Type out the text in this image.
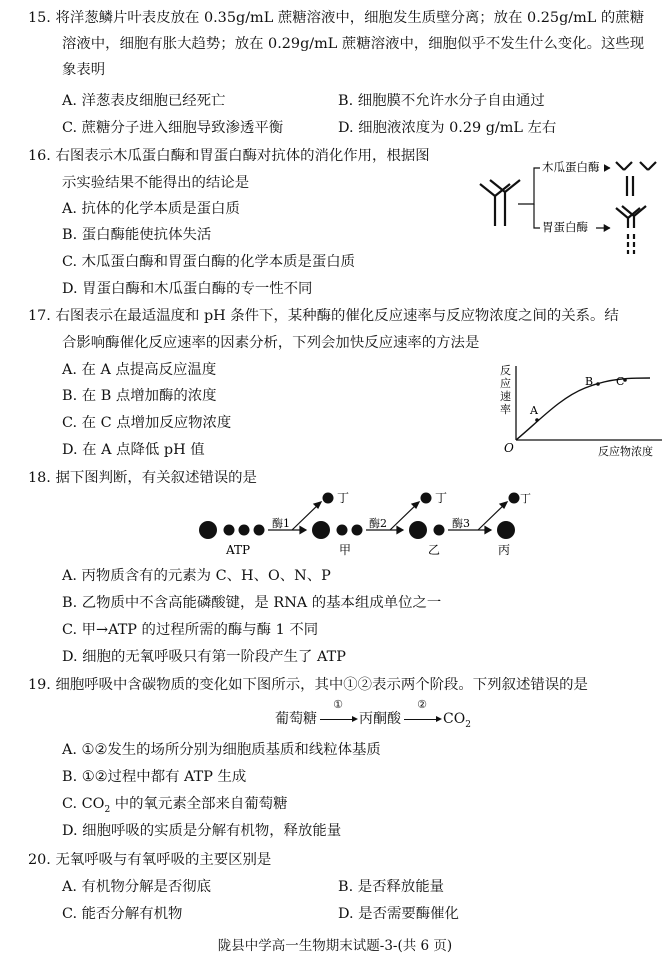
15. 将洋葱鳞片叶表皮放在 0.35g/mL 蔗糖溶液中，细胞发生质壁分离；放在 0.25g/mL 的蔗糖
溶液中，细胞有胀大趋势；放在 0.29g/mL 蔗糖溶液中，细胞似乎不发生什么变化。这些现
象表明
A. 洋葱表皮细胞已经死亡	B. 细胞膜不允许水分子自由通过
C. 蔗糖分子进入细胞导致渗透平衡	D. 细胞液浓度为 0.29 g/mL 左右
16. 右图表示木瓜蛋白酶和胃蛋白酶对抗体的消化作用，根据图
示实验结果不能得出的结论是
A. 抗体的化学本质是蛋白质
B. 蛋白酶能使抗体失活
C. 木瓜蛋白酶和胃蛋白酶的化学本质是蛋白质
D. 胃蛋白酶和木瓜蛋白酶的专一性不同
木瓜蛋白酶
胃蛋白酶
17. 右图表示在最适温度和 pH 条件下，某种酶的催化反应速率与反应物浓度之间的关系。结
合影响酶催化反应速率的因素分析，下列会加快反应速率的方法是
A. 在 A 点提高反应温度
B. 在 B 点增加酶的浓度
C. 在 C 点增加反应物浓度
D. 在 A 点降低 pH 值
反
应
速
率
O	反应物浓度
A
B C
18. 据下图判断，有关叙述错误的是
酶1	酶2	酶3
丁	丁	丁
ATP	甲	乙	丙
A. 丙物质含有的元素为 C、H、O、N、P
B. 乙物质中不含高能磷酸键，是 RNA 的基本组成单位之一
C. 甲→ATP 的过程所需的酶与酶 1 不同
D. 细胞的无氧呼吸只有第一阶段产生了 ATP
19. 细胞呼吸中含碳物质的变化如下图所示，其中①②表示两个阶段。下列叙述错误的是
葡萄糖
①
丙酮酸
②
$CO_2$
A. ①②发生的场所分别为细胞质基质和线粒体基质
B. ①②过程中都有 ATP 生成
C. $CO_2$ 中的氧元素全部来自葡萄糖
D. 细胞呼吸的实质是分解有机物，释放能量
20. 无氧呼吸与有氧呼吸的主要区别是
A. 有机物分解是否彻底	B. 是否释放能量
C. 能否分解有机物	D. 是否需要酶催化
陇县中学高一生物期末试题-3-(共 6 页)
